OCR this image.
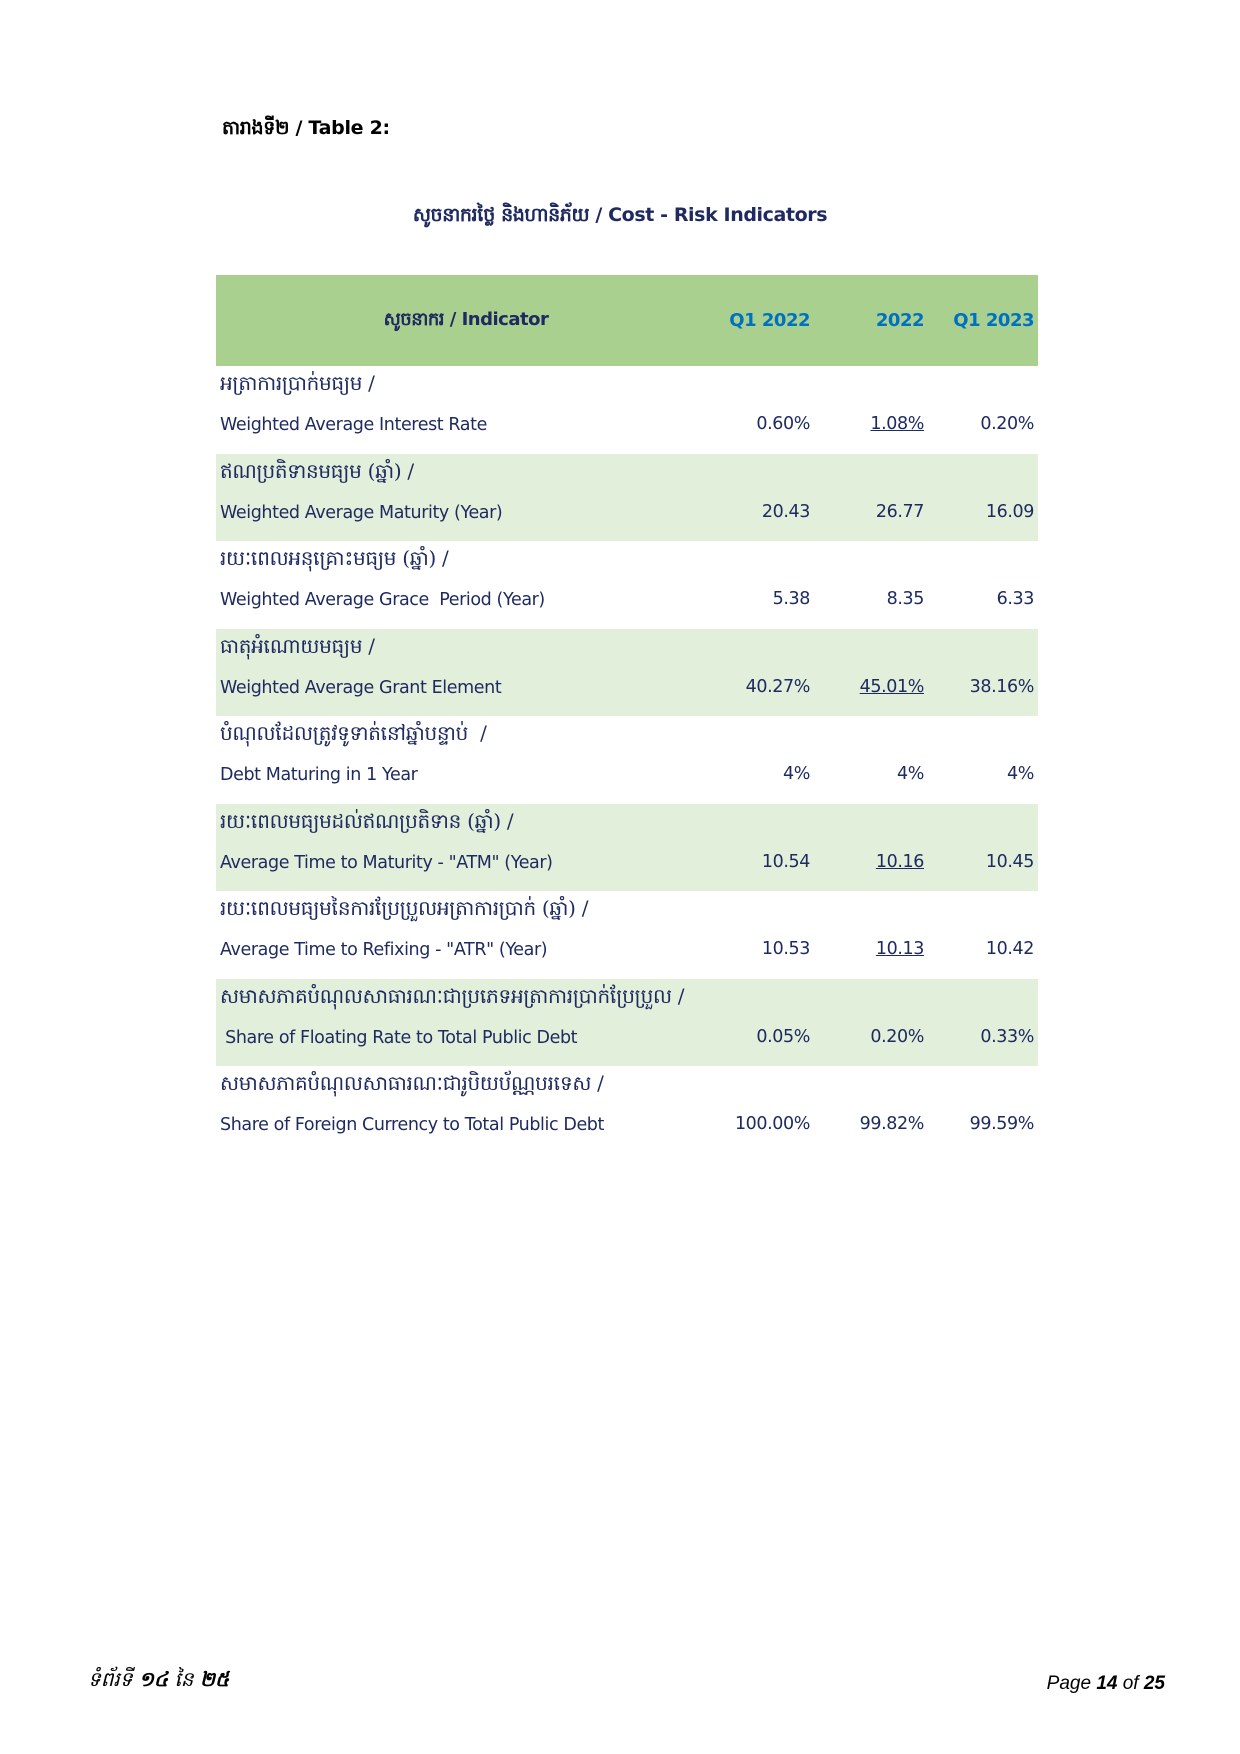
តារាងទី២ / Table 2:
សូចនាករថ្លៃ និងហានិភ័យ / Cost - Risk Indicators
សូចនាករ / Indicator	Q1 2022	2022	Q1 2023

អត្រាការប្រាក់មធ្យម /
Weighted Average Interest Rate	0.60%	1.08%	0.20%

ឥណប្រតិទានមធ្យម (ឆ្នាំ) /
Weighted Average Maturity (Year)	20.43	26.77	16.09

រយៈពេលអនុគ្រោះមធ្យម (ឆ្នាំ) /
Weighted Average Grace  Period (Year)	5.38	8.35	6.33

ធាតុអំណោយមធ្យម /
Weighted Average Grant Element	40.27%	45.01%	38.16%

បំណុលដែលត្រូវទូទាត់នៅឆ្នាំបន្ទាប់  /
Debt Maturing in 1 Year	4%	4%	4%

រយៈពេលមធ្យមដល់ឥណប្រតិទាន (ឆ្នាំ) /
Average Time to Maturity - "ATM" (Year)	10.54	10.16	10.45

រយៈពេលមធ្យមនៃការប្រែប្រួលអត្រាការប្រាក់ (ឆ្នាំ) /
Average Time to Refixing - "ATR" (Year)	10.53	10.13	10.42

សមាសភាគបំណុលសាធារណៈជាប្រភេទអត្រាការប្រាក់ប្រែប្រួល /
Share of Floating Rate to Total Public Debt	0.05%	0.20%	0.33%

សមាសភាគបំណុលសាធារណៈជារូបិយប័ណ្ណបរទេស /
Share of Foreign Currency to Total Public Debt	100.00%	99.82%	99.59%
ទំព័រទី ១៤ នៃ ២៥	Page 14 of 25
